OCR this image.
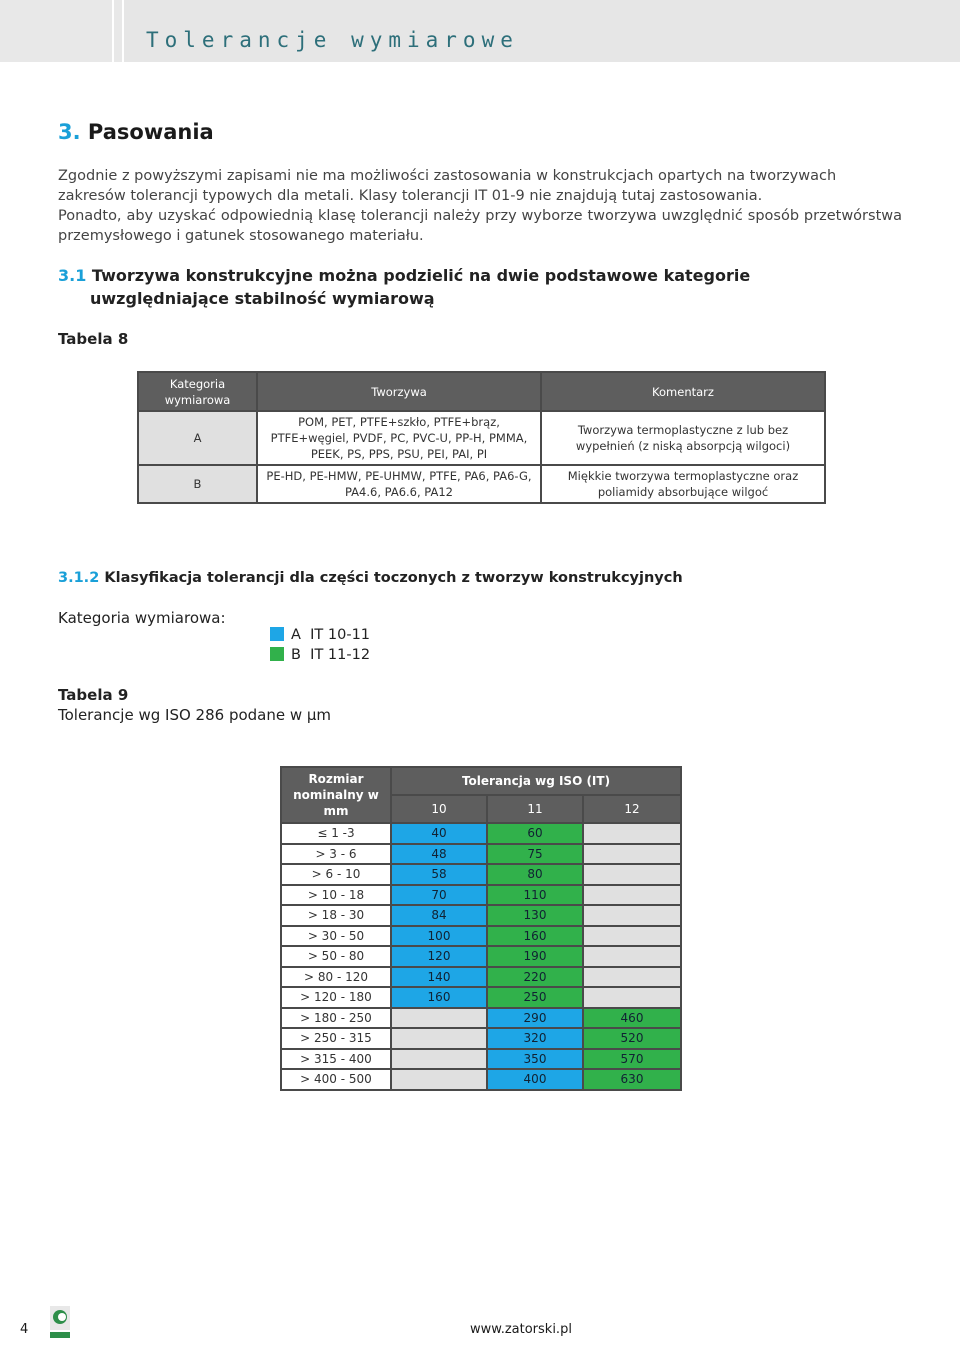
Tolerancje wymiarowe
3. Pasowania
Zgodnie z powyższymi zapisami nie ma możliwości zastosowania w konstrukcjach opartych na tworzywach zakresów tolerancji typowych dla metali. Klasy tolerancji IT 01-9 nie znajdują tutaj zastosowania.
Ponadto, aby uzyskać odpowiednią klasę tolerancji należy przy wyborze tworzywa uwzględnić sposób przetwórstwa przemysłowego i gatunek stosowanego materiału.
3.1 Tworzywa konstrukcyjne można podzielić na dwie podstawowe kategorie
uwzględniające stabilność wymiarową
Tabela 8
Kategoria wymiarowa	Tworzywa	Komentarz
A	POM, PET, PTFE+szkło, PTFE+brąz, PTFE+węgiel, PVDF, PC, PVC-U, PP-H, PMMA, PEEK, PS, PPS, PSU, PEI, PAI, PI	Tworzywa termoplastyczne z lub bez wypełnień (z niską absorpcją wilgoci)
B	PE-HD, PE-HMW, PE-UHMW, PTFE, PA6, PA6-G, PA4.6, PA6.6, PA12	Miękkie tworzywa termoplastyczne oraz poliamidy absorbujące wilgoć
3.1.2 Klasyfikacja tolerancji dla części toczonych z tworzyw konstrukcyjnych
Kategoria wymiarowa:
A  IT 10-11
B  IT 11-12
Tabela 9
Tolerancje wg ISO 286 podane w µm
Rozmiar nominalny w mm	Tolerancja wg ISO (IT)		
	10	11	12
≤ 1 -3	40	60	
> 3 - 6	48	75	
> 6 - 10	58	80	
> 10 - 18	70	110	
> 18 - 30	84	130	
> 30 - 50	100	160	
> 50 - 80	120	190	
> 80 - 120	140	220	
> 120 - 180	160	250	
> 180 - 250		290	460
> 250 - 315		320	520
> 315 - 400		350	570
> 400 - 500		400	630
4	www.zatorski.pl
